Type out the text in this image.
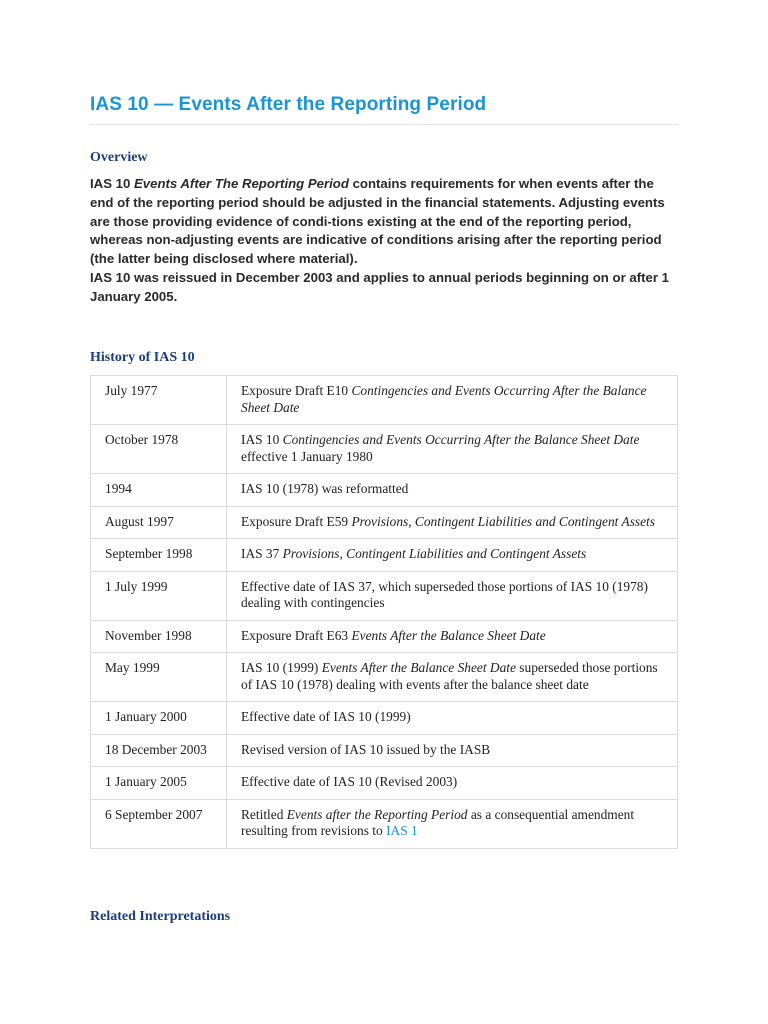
IAS 10 — Events After the Reporting Period
Overview

IAS 10 Events After The Reporting Period contains requirements for when events after the end of the reporting period should be adjusted in the financial statements. Adjusting events are those providing evidence of condi-tions existing at the end of the reporting period, whereas non-adjusting events are indicative of conditions arising after the reporting period (the latter being disclosed where material).

IAS 10 was reissued in December 2003 and applies to annual periods beginning on or after 1 January 2005.

History of IAS 10
July 1977	Exposure Draft E10 Contingencies and Events Occurring After the Balance Sheet Date
October 1978	IAS 10 Contingencies and Events Occurring After the Balance Sheet Date effective 1 January 1980
1994	IAS 10 (1978) was reformatted
August 1997	Exposure Draft E59 Provisions, Contingent Liabilities and Contingent Assets
September 1998	IAS 37 Provisions, Contingent Liabilities and Contingent Assets
1 July 1999	Effective date of IAS 37, which superseded those portions of IAS 10 (1978) dealing with contingencies
November 1998	Exposure Draft E63 Events After the Balance Sheet Date
May 1999	IAS 10 (1999) Events After the Balance Sheet Date superseded those portions of IAS 10 (1978) dealing with events after the balance sheet date
1 January 2000	Effective date of IAS 10 (1999)
18 December 2003	Revised version of IAS 10 issued by the IASB
1 January 2005	Effective date of IAS 10 (Revised 2003)
6 September 2007	Retitled Events after the Reporting Period as a consequential amendment resulting from revisions to IAS 1
Related Interpretations
